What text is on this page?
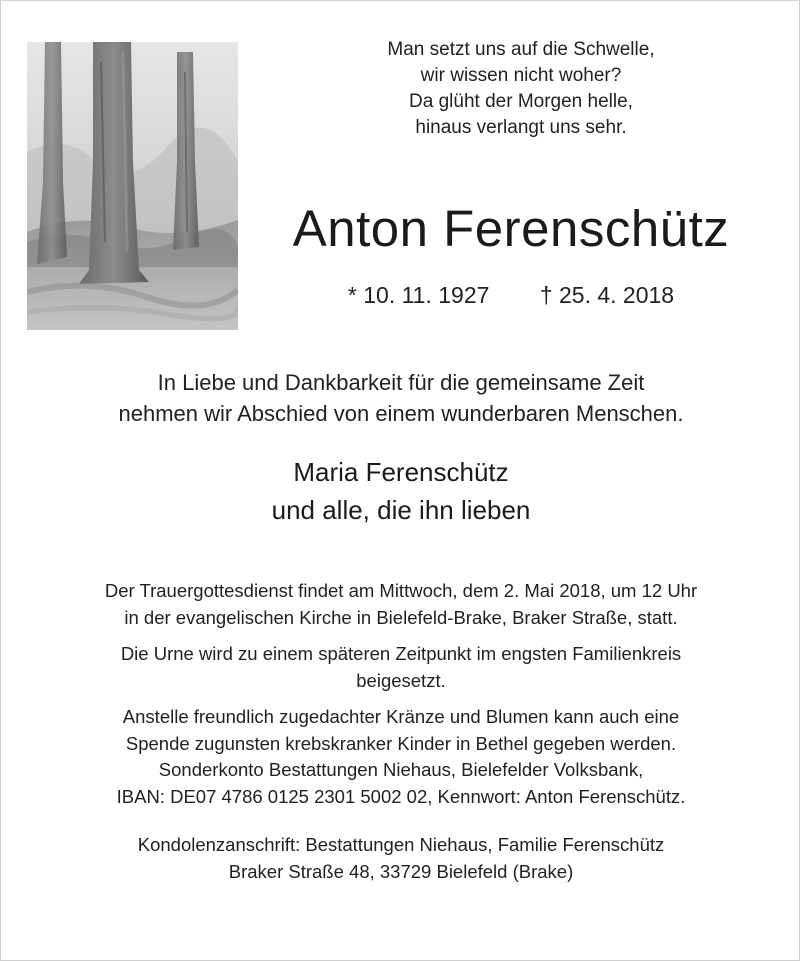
Man setzt uns auf die Schwelle,
wir wissen nicht woher?
Da glüht der Morgen helle,
hinaus verlangt uns sehr.
Anton Ferenschütz
* 10. 11. 1927 † 25. 4. 2018
In Liebe und Dankbarkeit für die gemeinsame Zeit
nehmen wir Abschied von einem wunderbaren Menschen.
Maria Ferenschütz
und alle, die ihn lieben

Der Trauergottesdienst findet am Mittwoch, dem 2. Mai 2018, um 12 Uhr
in der evangelischen Kirche in Bielefeld-Brake, Braker Straße, statt.

Die Urne wird zu einem späteren Zeitpunkt im engsten Familienkreis
beigesetzt.

Anstelle freundlich zugedachter Kränze und Blumen kann auch eine
Spende zugunsten krebskranker Kinder in Bethel gegeben werden.
Sonderkonto Bestattungen Niehaus, Bielefelder Volksbank,
IBAN: DE07 4786 0125 2301 5002 02, Kennwort: Anton Ferenschütz.

Kondolenzanschrift: Bestattungen Niehaus, Familie Ferenschütz
Braker Straße 48, 33729 Bielefeld (Brake)
